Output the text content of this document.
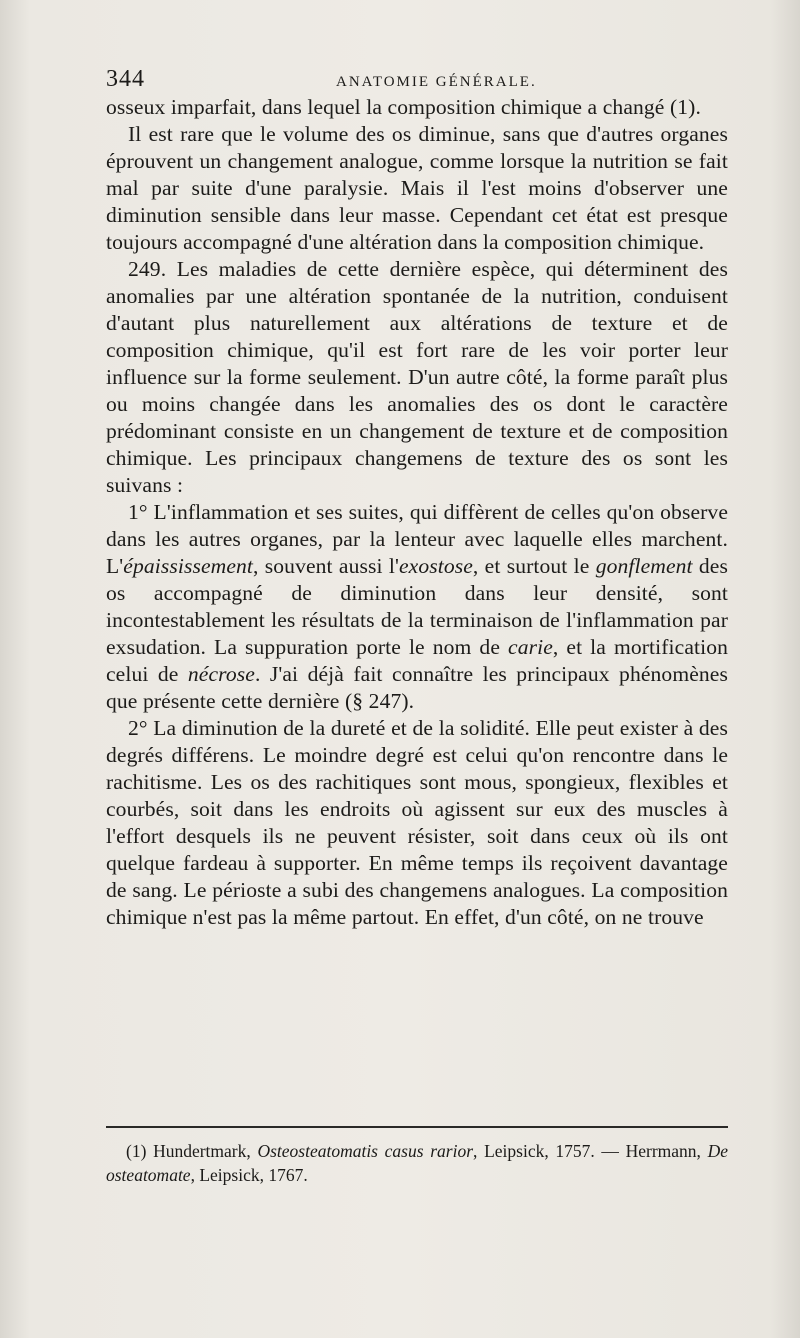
344	ANATOMIE GÉNÉRALE.

osseux imparfait, dans lequel la composition chimique a changé (1).

Il est rare que le volume des os diminue, sans que d'autres organes éprouvent un changement analogue, comme lorsque la nutrition se fait mal par suite d'une paralysie. Mais il l'est moins d'observer une diminution sensible dans leur masse. Cependant cet état est presque toujours accompagné d'une altération dans la composition chimique.

249. Les maladies de cette dernière espèce, qui déterminent des anomalies par une altération spontanée de la nutrition, conduisent d'autant plus naturellement aux altérations de texture et de composition chimique, qu'il est fort rare de les voir porter leur influence sur la forme seulement. D'un autre côté, la forme paraît plus ou moins changée dans les anomalies des os dont le caractère prédominant consiste en un changement de texture et de composition chimique. Les principaux changemens de texture des os sont les suivans :

1° L'inflammation et ses suites, qui diffèrent de celles qu'on observe dans les autres organes, par la lenteur avec laquelle elles marchent. L'épaississement, souvent aussi l'exostose, et surtout le gonflement des os accompagné de diminution dans leur densité, sont incontestablement les résultats de la terminaison de l'inflammation par exsudation. La suppuration porte le nom de carie, et la mortification celui de nécrose. J'ai déjà fait connaître les principaux phénomènes que présente cette dernière (§ 247).

2° La diminution de la dureté et de la solidité. Elle peut exister à des degrés différens. Le moindre degré est celui qu'on rencontre dans le rachitisme. Les os des rachitiques sont mous, spongieux, flexibles et courbés, soit dans les endroits où agissent sur eux des muscles à l'effort desquels ils ne peuvent résister, soit dans ceux où ils ont quelque fardeau à supporter. En même temps ils reçoivent davantage de sang. Le périoste a subi des changemens analogues. La composition chimique n'est pas la même partout. En effet, d'un côté, on ne trouve

(1) Hundertmark, Osteosteatomatis casus rarior, Leipsick, 1757. — Herrmann, De osteatomate, Leipsick, 1767.
